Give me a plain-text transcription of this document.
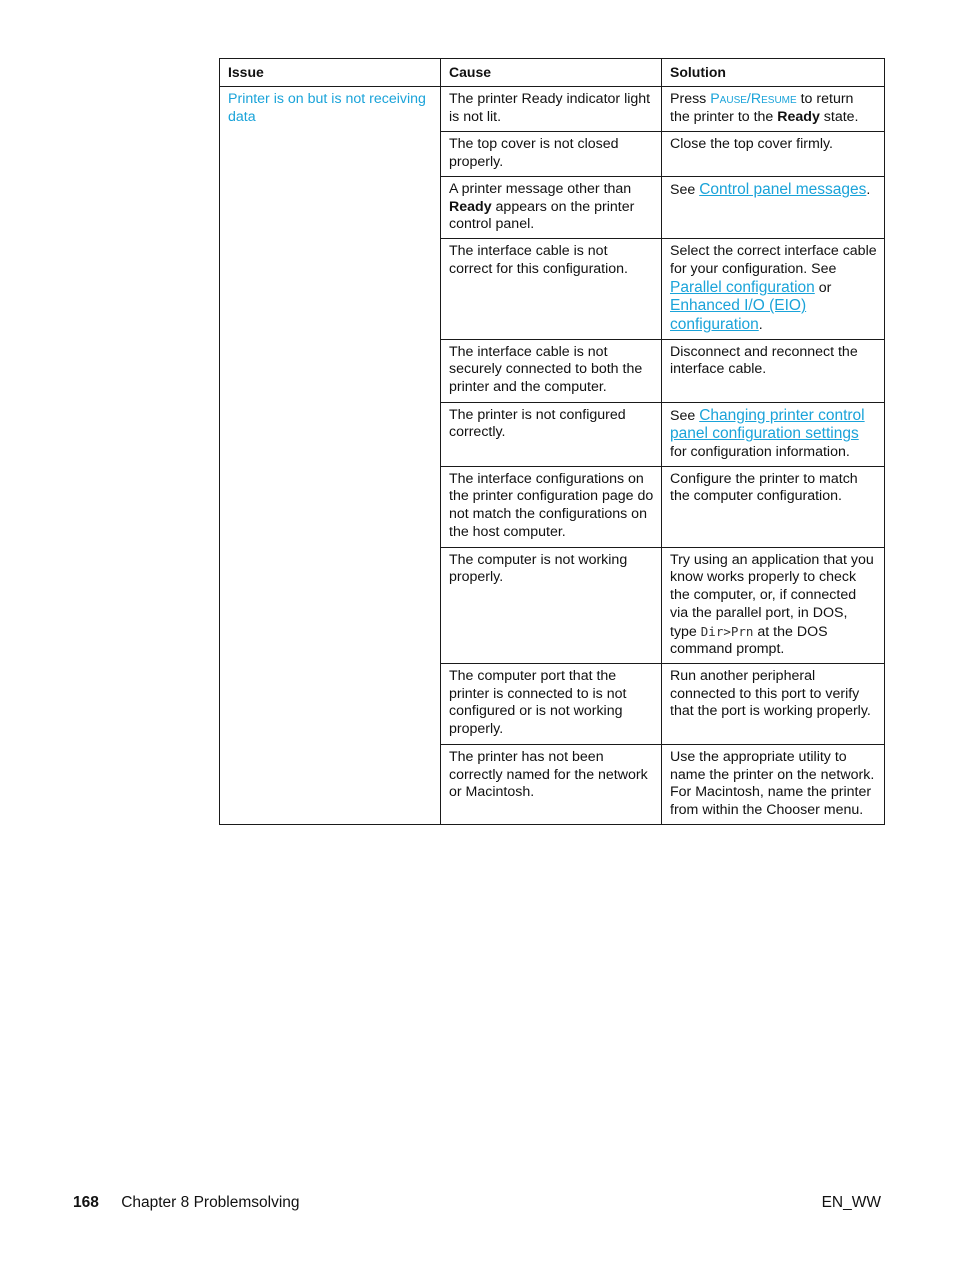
Issue	Cause	Solution
Printer is on but is not receiving data	The printer Ready indicator light is not lit.	Press Pause/Resume to return the printer to the Ready state.
	The top cover is not closed properly.	Close the top cover firmly.
	A printer message other than Ready appears on the printer control panel.	See Control panel messages.
	The interface cable is not correct for this configuration.	Select the correct interface cable for your configuration. See Parallel configuration or Enhanced I/O (EIO) configuration.
	The interface cable is not securely connected to both the printer and the computer.	Disconnect and reconnect the interface cable.
	The printer is not configured correctly.	See Changing printer control panel configuration settings for configuration information.
	The interface configurations on the printer configuration page do not match the configurations on the host computer.	Configure the printer to match the computer configuration.
	The computer is not working properly.	Try using an application that you know works properly to check the computer, or, if connected via the parallel port, in DOS, type Dir>Prn at the DOS command prompt.
	The computer port that the printer is connected to is not configured or is not working properly.	Run another peripheral connected to this port to verify that the port is working properly.
	The printer has not been correctly named for the network or Macintosh.	Use the appropriate utility to name the printer on the network. For Macintosh, name the printer from within the Chooser menu.
168 Chapter 8 Problemsolving	EN_WW
